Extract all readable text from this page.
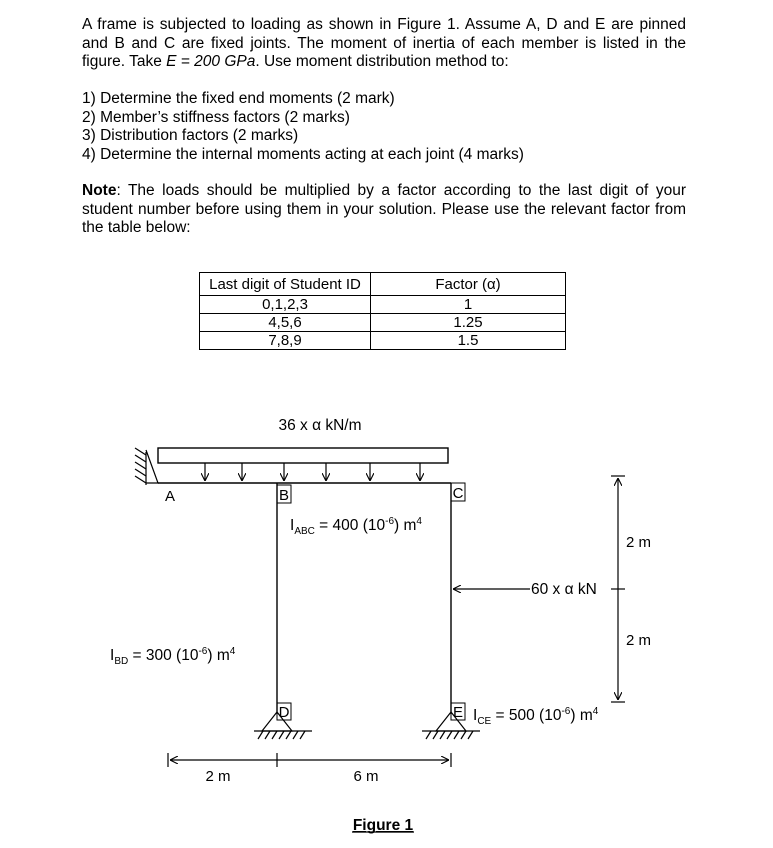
A frame is subjected to loading as shown in Figure 1. Assume A, D and E are pinned and B and C are fixed joints. The moment of inertia of each member is listed in the figure. Take E = 200 GPa. Use moment distribution method to:

1) Determine the fixed end moments (2 mark)
2) Member’s stiffness factors (2 marks)
3) Distribution factors (2 marks)
4) Determine the internal moments acting at each joint (4 marks)

Note: The loads should be multiplied by a factor according to the last digit of your student number before using them in your solution. Please use the relevant factor from the table below:

Last digit of Student ID	Factor (α)
0,1,2,3	1
4,5,6	1.25
7,8,9	1.5
36 x α kN/m
A	B	C
$I_{ABC} = 400$ $(10^{-6})$ $m^4$
$I_{BD} = 300$ $(10^{-6})$ $m^4$
60 x α kN
D	E $I_{CE} = 500$ $(10^{-6})$ $m^4$
2 m
2 m
2 m	6 m
Figure 1
